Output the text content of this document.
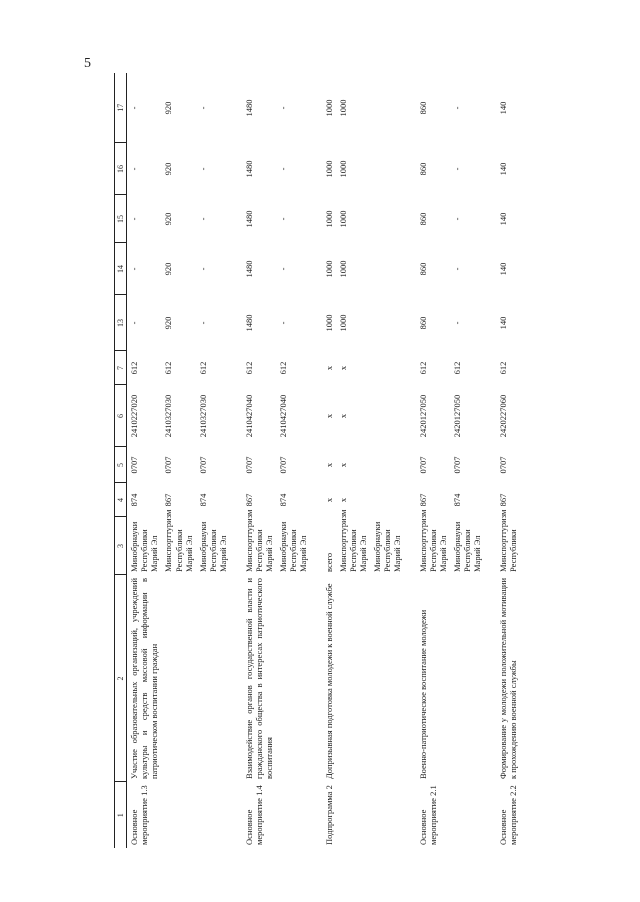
5
1	2	3	4	5	6	7	13	14	15	16	17
Основное мероприятие 1.3	Участие образовательных организаций, учреждений культуры и средств массовой информации в патриотическом воспитании граждан	Минобрнауки Республики Марий Эл	874	0707	2410227020	612	-	-	-	-	-
		Минспорттуризм Республики Марий Эл	867	0707	2410327030	612	920	920	920	920	920
		Минобрнауки Республики Марий Эл	874	0707	2410327030	612	-	-	-	-	-

Основное мероприятие 1.4	Взаимодействие органов государственной власти и гражданского общества в интересах патриотического воспитания	Минспорттуризм Республики Марий Эл	867	0707	2410427040	612	1480	1480	1480	1480	1480
		Минобрнауки Республики Марий Эл	874	0707	2410427040	612	-	-	-	-	-

Подпрограмма 2	Допризывная подготовка молодежи к военной службе	всего	x	x	x	x	1000	1000	1000	1000	1000
		Минспорттуризм Республики Марий Эл	x	x	x	x	1000	1000	1000	1000	1000
		Минобрнауки Республики Марий Эл									

Основное мероприятие 2.1	Военно-патриотическое воспитание молодежи	Минспорттуризм Республики Марий Эл	867	0707	2420127050	612	860	860	860	860	860
		Минобрнауки Республики Марий Эл	874	0707	2420127050	612	-	-	-	-	-

Основное мероприятие 2.2	Формирование у молодежи положительной мотивации к прохождению военной службы	Минспорттуризм Республики	867	0707	2420227060	612	140	140	140	140	140
